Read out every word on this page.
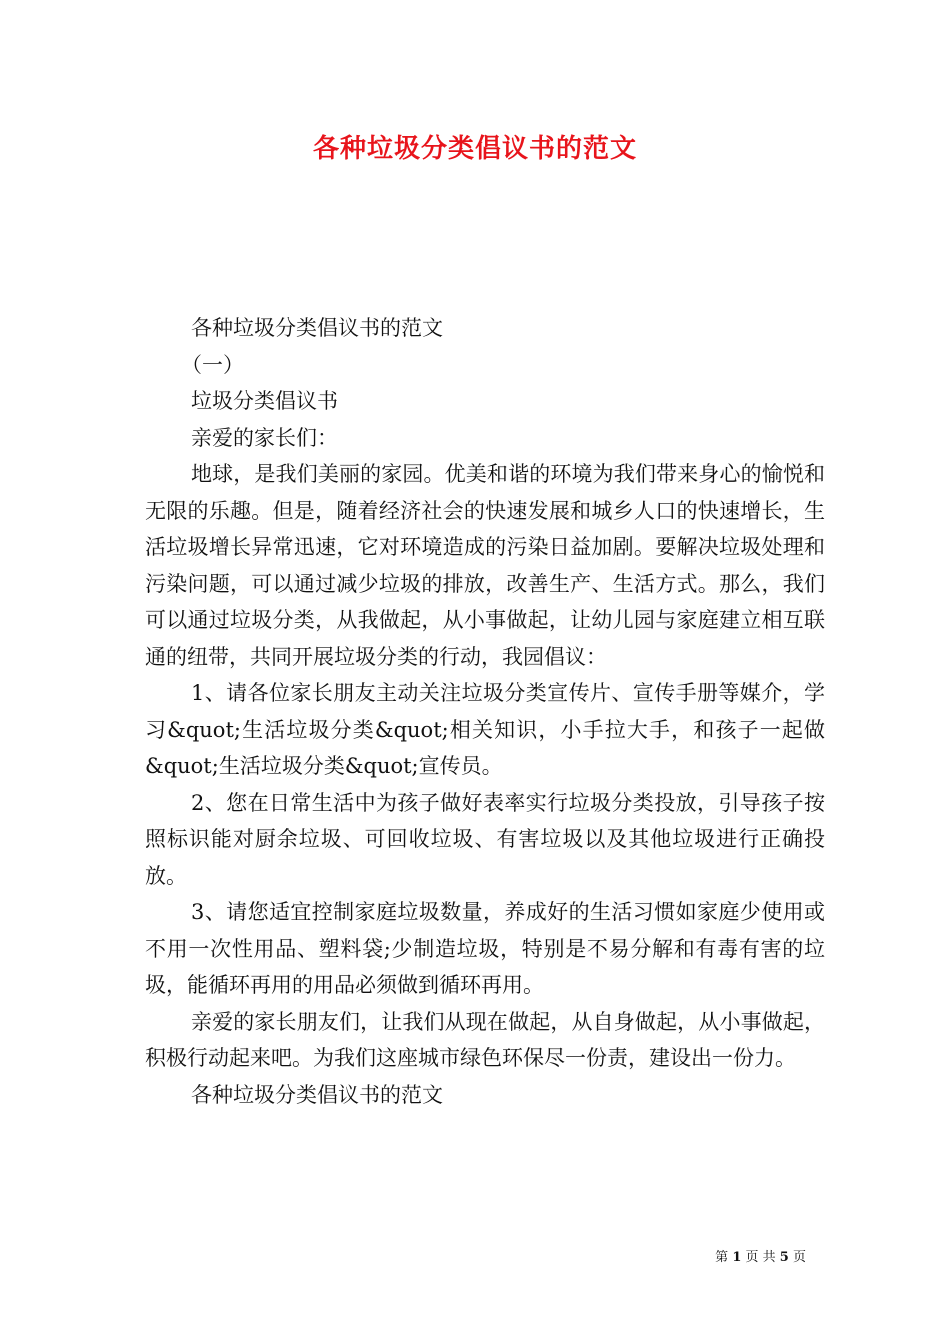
各种垃圾分类倡议书的范文
各种垃圾分类倡议书的范文
（一）
垃圾分类倡议书
亲爱的家长们：

地球，是我们美丽的家园。优美和谐的环境为我们带来身心的愉悦和无限的乐趣。但是，随着经济社会的快速发展和城乡人口的快速增长，生活垃圾增长异常迅速，它对环境造成的污染日益加剧。要解决垃圾处理和污染问题，可以通过减少垃圾的排放，改善生产、生活方式。那么，我们可以通过垃圾分类，从我做起，从小事做起，让幼儿园与家庭建立相互联通的纽带，共同开展垃圾分类的行动，我园倡议：

1、请各位家长朋友主动关注垃圾分类宣传片、宣传手册等媒介，学习&quot;生活垃圾分类&quot;相关知识，小手拉大手，和孩子一起做&quot;生活垃圾分类&quot;宣传员。

2、您在日常生活中为孩子做好表率实行垃圾分类投放，引导孩子按照标识能对厨余垃圾、可回收垃圾、有害垃圾以及其他垃圾进行正确投放。

3、请您适宜控制家庭垃圾数量，养成好的生活习惯如家庭少使用或不用一次性用品、塑料袋;少制造垃圾，特别是不易分解和有毒有害的垃圾，能循环再用的用品必须做到循环再用。

亲爱的家长朋友们，让我们从现在做起，从自身做起，从小事做起，积极行动起来吧。为我们这座城市绿色环保尽一份责，建设出一份力。

各种垃圾分类倡议书的范文
第 1 页 共 5 页
